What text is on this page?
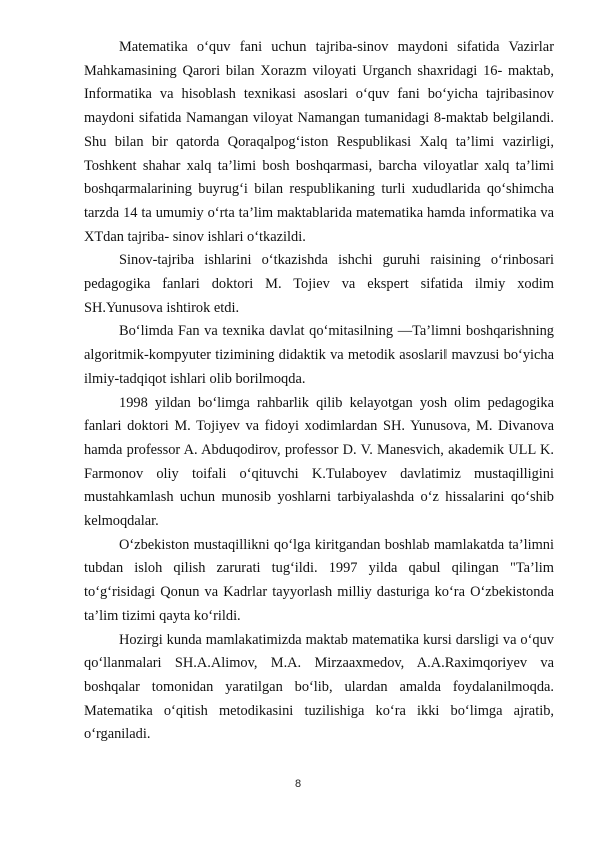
Matematika o‘quv fani uchun tajriba-sinov maydoni sifatida Vazirlar Mahkamasining Qarori bilan Xorazm viloyati Urganch shaxridagi 16- maktab, Informatika va hisoblash texnikasi asoslari o‘quv fani bo‘yicha tajribasinov maydoni sifatida Namangan viloyat Namangan tumanidagi 8-maktab belgilandi. Shu bilan bir qatorda Qoraqalpog‘iston Respublikasi Xalq ta’limi vazirligi, Toshkent shahar xalq ta’limi bosh boshqarmasi, barcha viloyatlar xalq ta’limi boshqarmalarining buyrug‘i bilan respublikaning turli xududlarida qo‘shimcha tarzda 14 ta umumiy o‘rta ta’lim maktablarida matematika hamda informatika va XTdan tajriba- sinov ishlari o‘tkazildi.

Sinov-tajriba ishlarini o‘tkazishda ishchi guruhi raisining o‘rinbosari pedagogika fanlari doktori M. Tojiev va ekspert sifatida ilmiy xodim SH.Yunusova ishtirok etdi.

Bo‘limda Fan va texnika davlat qo‘mitasilning ―Ta’limni boshqarishning algoritmik-kompyuter tizimining didaktik va metodik asoslari‖ mavzusi bo‘yicha ilmiy-tadqiqot ishlari olib borilmoqda.

1998 yildan bo‘limga rahbarlik qilib kelayotgan yosh olim pedagogika fanlari doktori M. Tojiyev va fidoyi xodimlardan SH. Yunusova, M. Divanova hamda professor A. Abduqodirov, professor D. V. Manesvich, akademik ULL K. Farmonov oliy toifali o‘qituvchi K.Tulaboyev davlatimiz mustaqilligini mustahkamlash uchun munosib yoshlarni tarbiyalashda o‘z hissalarini qo‘shib kelmoqdalar.

O‘zbekiston mustaqillikni qo‘lga kiritgandan boshlab mamlakatda ta’limni tubdan isloh qilish zarurati tug‘ildi. 1997 yilda qabul qilingan "Ta’lim to‘g‘risidagi Qonun va Kadrlar tayyorlash milliy dasturiga ko‘ra O‘zbekistonda ta’lim tizimi qayta ko‘rildi.

Hozirgi kunda mamlakatimizda maktab matematika kursi darsligi va o‘quv qo‘llanmalari SH.A.Alimov, M.A. Mirzaaxmedov, A.A.Raximqoriyev va boshqalar tomonidan yaratilgan bo‘lib, ulardan amalda foydalanilmoqda. Matematika o‘qitish metodikasini tuzilishiga ko‘ra ikki bo‘limga ajratib, o‘rganiladi.

8
